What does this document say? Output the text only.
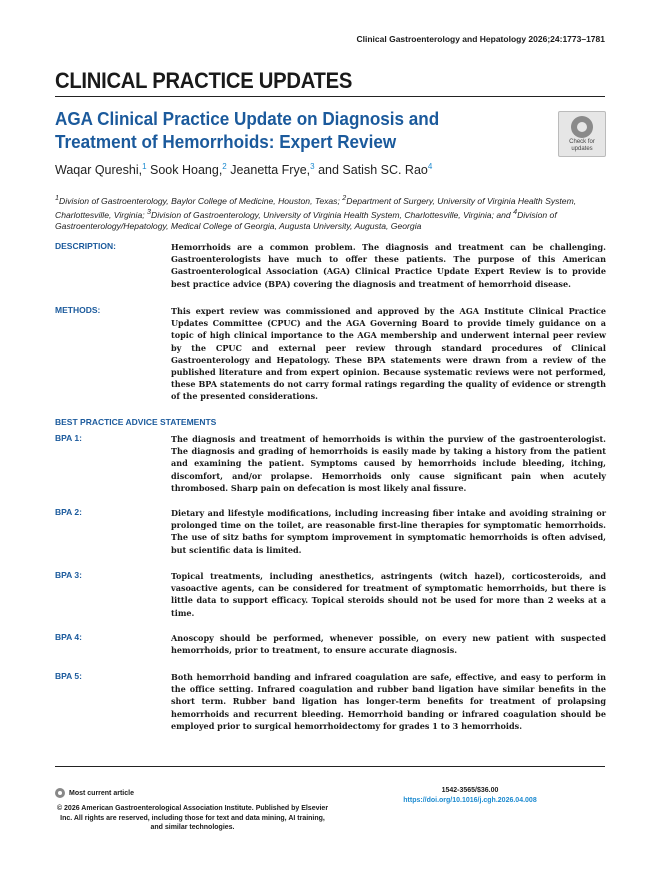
Clinical Gastroenterology and Hepatology 2026;24:1773–1781
CLINICAL PRACTICE UPDATES
AGA Clinical Practice Update on Diagnosis and Treatment of Hemorrhoids: Expert Review	Check for
updates
Waqar Qureshi,$^1$ Sook Hoang,$^2$ Jeanetta Frye,$^3$ and Satish SC. Rao$^4$
$^1$Division of Gastroenterology, Baylor College of Medicine, Houston, Texas; $^2$Department of Surgery, University of Virginia Health System, Charlottesville, Virginia; $^3$Division of Gastroenterology, University of Virginia Health System, Charlottesville, Virginia; and $^4$Division of Gastroenterology/Hepatology, Medical College of Georgia, Augusta University, Augusta, Georgia
DESCRIPTION:	Hemorrhoids are a common problem. The diagnosis and treatment can be challenging. Gastroenterologists have much to offer these patients. The purpose of this American Gastroenterological Association (AGA) Clinical Practice Update Expert Review is to provide best practice advice (BPA) covering the diagnosis and treatment of hemorrhoid disease.
METHODS:	This expert review was commissioned and approved by the AGA Institute Clinical Practice Updates Committee (CPUC) and the AGA Governing Board to provide timely guidance on a topic of high clinical importance to the AGA membership and underwent internal peer review by the CPUC and external peer review through standard procedures of Clinical Gastroenterology and Hepatology. These BPA statements were drawn from a review of the published literature and from expert opinion. Because systematic reviews were not performed, these BPA statements do not carry formal ratings regarding the quality of evidence or strength of the presented considerations.
BEST PRACTICE ADVICE STATEMENTS
BPA 1:	The diagnosis and treatment of hemorrhoids is within the purview of the gastroenterologist. The diagnosis and grading of hemorrhoids is easily made by taking a history from the patient and examining the patient. Symptoms caused by hemorrhoids include bleeding, itching, discomfort, and/or prolapse. Hemorrhoids only cause significant pain when acutely thrombosed. Sharp pain on defecation is most likely anal fissure.
BPA 2:	Dietary and lifestyle modifications, including increasing fiber intake and avoiding straining or prolonged time on the toilet, are reasonable first-line therapies for symptomatic hemorrhoids. The use of sitz baths for symptom improvement in symptomatic hemorrhoids is often advised, but scientific data is limited.
BPA 3:	Topical treatments, including anesthetics, astringents (witch hazel), corticosteroids, and vasoactive agents, can be considered for treatment of symptomatic hemorrhoids, but there is little data to support efficacy. Topical steroids should not be used for more than 2 weeks at a time.
BPA 4:	Anoscopy should be performed, whenever possible, on every new patient with suspected hemorrhoids, prior to treatment, to ensure accurate diagnosis.
BPA 5:	Both hemorrhoid banding and infrared coagulation are safe, effective, and easy to perform in the office setting. Infrared coagulation and rubber band ligation have similar benefits in the short term. Rubber band ligation has longer-term benefits for treatment of prolapsing hemorrhoids and recurrent bleeding. Hemorrhoid banding or infrared coagulation should be employed prior to surgical hemorrhoidectomy for grades 1 to 3 hemorrhoids.
Most current article
© 2026 American Gastroenterological Association Institute. Published by Elsevier Inc. All rights are reserved, including those for text and data mining, AI training, and similar technologies.
1542-3565/$36.00
https://doi.org/10.1016/j.cgh.2026.04.008
